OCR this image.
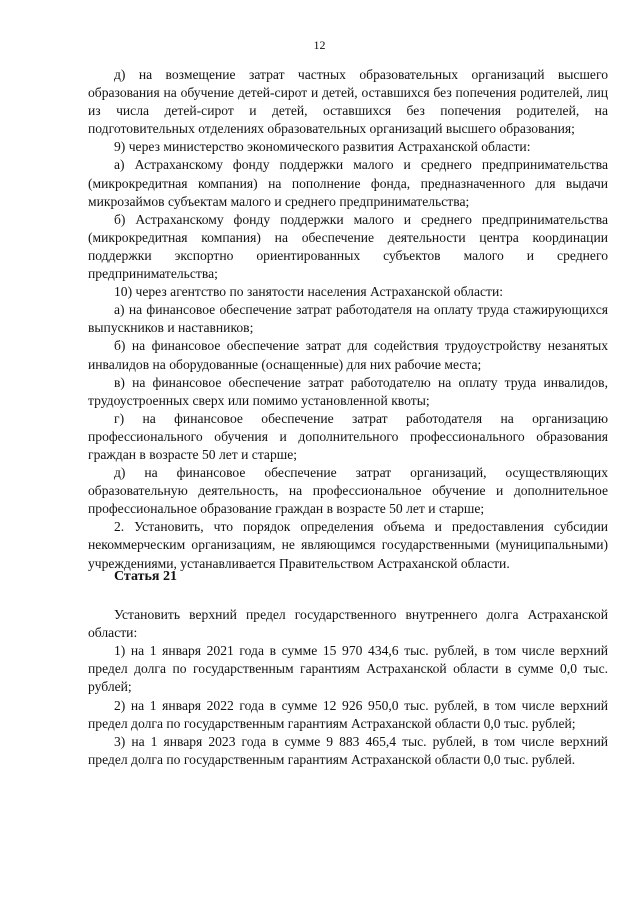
12

д) на возмещение затрат частных образовательных организаций высшего образования на обучение детей-сирот и детей, оставшихся без попечения родителей, лиц из числа детей-сирот и детей, оставшихся без попечения родителей, на подготовительных отделениях образовательных организаций высшего образования;

9) через министерство экономического развития Астраханской области:

а) Астраханскому фонду поддержки малого и среднего предпринимательства (микрокредитная компания) на пополнение фонда, предназначенного для выдачи микрозаймов субъектам малого и среднего предпринимательства;

б) Астраханскому фонду поддержки малого и среднего предпринимательства (микрокредитная компания) на обеспечение деятельности центра координации поддержки экспортно ориентированных субъектов малого и среднего предпринимательства;

10) через агентство по занятости населения Астраханской области:

а) на финансовое обеспечение затрат работодателя на оплату труда стажирующихся выпускников и наставников;

б) на финансовое обеспечение затрат для содействия трудоустройству незанятых инвалидов на оборудованные (оснащенные) для них рабочие места;

в) на финансовое обеспечение затрат работодателю на оплату труда инвалидов, трудоустроенных сверх или помимо установленной квоты;

г) на финансовое обеспечение затрат работодателя на организацию профессионального обучения и дополнительного профессионального образования граждан в возрасте 50 лет и старше;

д) на финансовое обеспечение затрат организаций, осуществляющих образовательную деятельность, на профессиональное обучение и дополнительное профессиональное образование граждан в возрасте 50 лет и старше;

2. Установить, что порядок определения объема и предоставления субсидии некоммерческим организациям, не являющимся государственными (муниципальными) учреждениями, устанавливается Правительством Астраханской области.

Статья 21

Установить верхний предел государственного внутреннего долга Астраханской области:

1) на 1 января 2021 года в сумме 15 970 434,6 тыс. рублей, в том числе верхний предел долга по государственным гарантиям Астраханской области в сумме 0,0 тыс. рублей;

2) на 1 января 2022 года в сумме 12 926 950,0 тыс. рублей, в том числе верхний предел долга по государственным гарантиям Астраханской области 0,0 тыс. рублей;

3) на 1 января 2023 года в сумме 9 883 465,4 тыс. рублей, в том числе верхний предел долга по государственным гарантиям Астраханской области 0,0 тыс. рублей.
